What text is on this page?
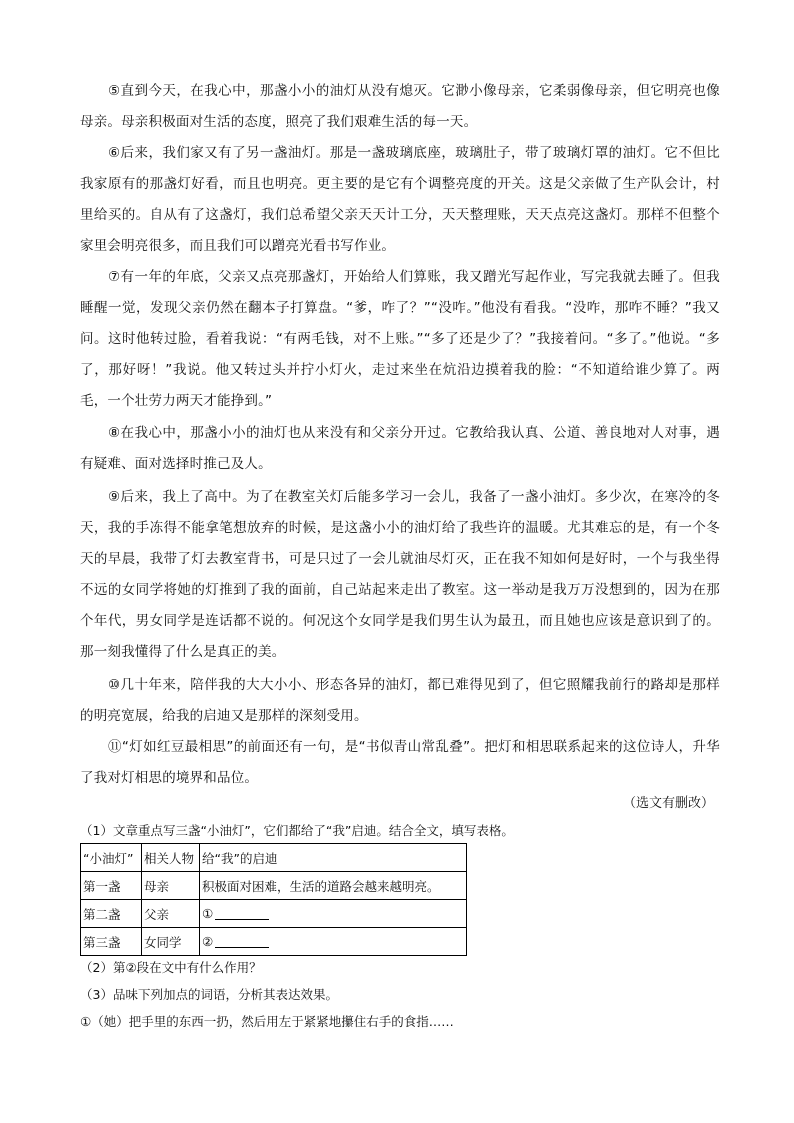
⑤直到今天，在我心中，那盏小小的油灯从没有熄灭。它渺小像母亲，它柔弱像母亲，但它明亮也像母亲。母亲积极面对生活的态度，照亮了我们艰难生活的每一天。

⑥后来，我们家又有了另一盏油灯。那是一盏玻璃底座，玻璃肚子，带了玻璃灯罩的油灯。它不但比我家原有的那盏灯好看，而且也明亮。更主要的是它有个调整亮度的开关。这是父亲做了生产队会计，村里给买的。自从有了这盏灯，我们总希望父亲天天计工分，天天整理账，天天点亮这盏灯。那样不但整个家里会明亮很多，而且我们可以蹭亮光看书写作业。

⑦有一年的年底，父亲又点亮那盏灯，开始给人们算账，我又蹭光写起作业，写完我就去睡了。但我睡醒一觉，发现父亲仍然在翻本子打算盘。“爹，咋了？”“没咋。”他没有看我。“没咋，那咋不睡？”我又问。这时他转过脸，看着我说：“有两毛钱，对不上账。”“多了还是少了？”我接着问。“多了。”他说。“多了，那好呀！”我说。他又转过头并拧小灯火，走过来坐在炕沿边摸着我的脸：“不知道给谁少算了。两毛，一个壮劳力两天才能挣到。”

⑧在我心中，那盏小小的油灯也从来没有和父亲分开过。它教给我认真、公道、善良地对人对事，遇有疑难、面对选择时推己及人。

⑨后来，我上了高中。为了在教室关灯后能多学习一会儿，我备了一盏小油灯。多少次，在寒冷的冬天，我的手冻得不能拿笔想放弃的时候，是这盏小小的油灯给了我些许的温暖。尤其难忘的是，有一个冬天的早晨，我带了灯去教室背书，可是只过了一会儿就油尽灯灭，正在我不知如何是好时，一个与我坐得不远的女同学将她的灯推到了我的面前，自己站起来走出了教室。这一举动是我万万没想到的，因为在那个年代，男女同学是连话都不说的。何况这个女同学是我们男生认为最丑，而且她也应该是意识到了的。那一刻我懂得了什么是真正的美。

⑩几十年来，陪伴我的大大小小、形态各异的油灯，都已难得见到了，但它照耀我前行的路却是那样的明亮宽展，给我的启迪又是那样的深刻受用。

⑪“灯如红豆最相思”的前面还有一句，是“书似青山常乱叠”。把灯和相思联系起来的这位诗人，升华了我对灯相思的境界和品位。

（选文有删改）

（1）文章重点写三盏“小油灯”，它们都给了“我”启迪。结合全文，填写表格。

“小油灯”	相关人物	给“我”的启迪
第一盏	母亲	积极面对困难，生活的道路会越来越明亮。
第二盏	父亲	①
第三盏	女同学	②

（2）第②段在文中有什么作用？

（3）品味下列加点的词语，分析其表达效果。

①（她）把手里的东西一扔，然后用左于紧紧地攥住右手的食指……
